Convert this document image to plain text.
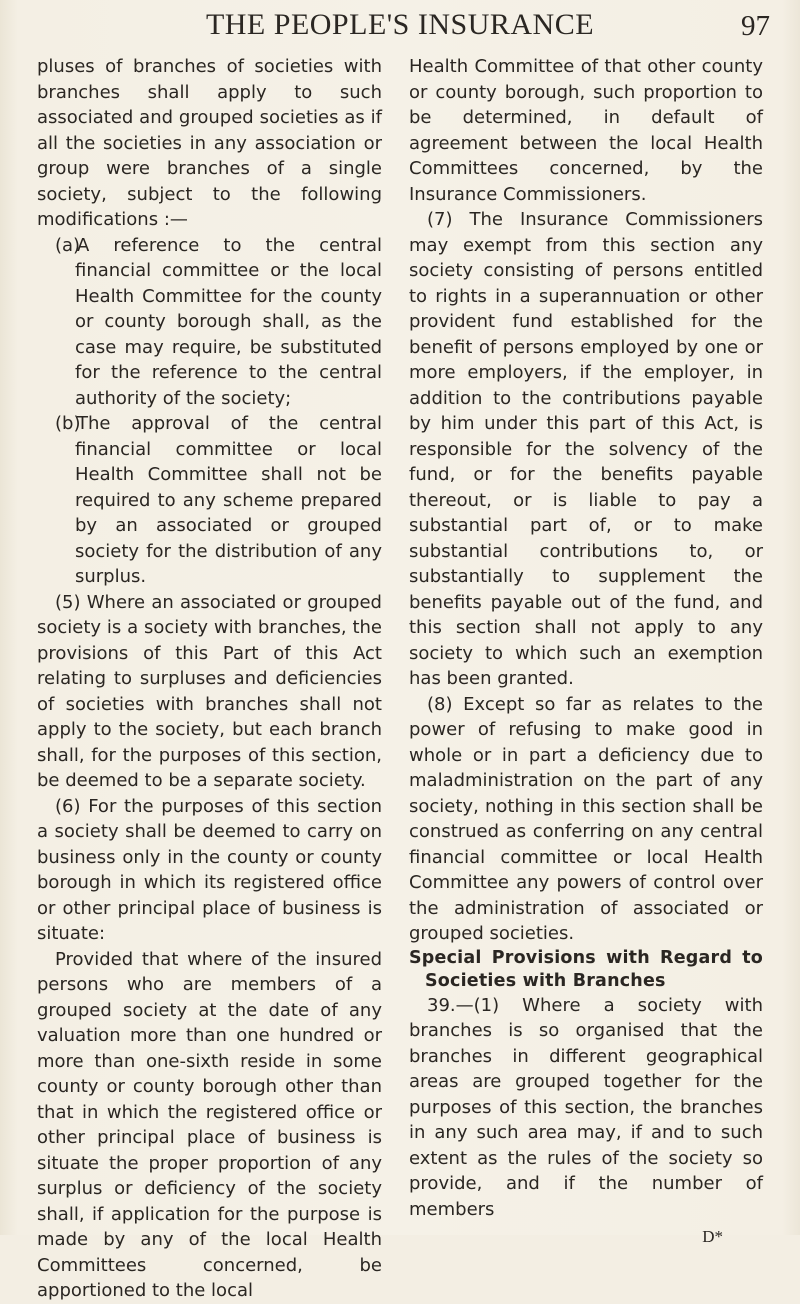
THE PEOPLE'S INSURANCE	97

pluses of branches of societies with branches shall apply to such associated and grouped societies as if all the societies in any association or group were branches of a single society, subject to the following modifications :—

(a)A reference to the central financial committee or the local Health Committee for the county or county borough shall, as the case may require, be substituted for the reference to the central authority of the society;

(b)The approval of the central financial committee or local Health Committee shall not be required to any scheme prepared by an associated or grouped society for the distribution of any surplus.

(5) Where an associated or grouped society is a society with branches, the provisions of this Part of this Act relating to surpluses and deficiencies of societies with branches shall not apply to the society, but each branch shall, for the purposes of this section, be deemed to be a separate society.

(6) For the purposes of this section a society shall be deemed to carry on business only in the county or county borough in which its registered office or other principal place of business is situate:

Provided that where of the insured persons who are members of a grouped society at the date of any valuation more than one hundred or more than one-sixth reside in some county or county borough other than that in which the registered office or other principal place of business is situate the proper proportion of any surplus or deficiency of the society shall, if application for the purpose is made by any of the local Health Committees concerned, be apportioned to the local

Health Committee of that other county or county borough, such proportion to be determined, in default of agreement between the local Health Committees concerned, by the Insurance Commissioners.

(7) The Insurance Commissioners may exempt from this section any society consisting of persons entitled to rights in a superannuation or other provident fund established for the benefit of persons employed by one or more employers, if the employer, in addition to the contributions payable by him under this part of this Act, is responsible for the solvency of the fund, or for the benefits payable thereout, or is liable to pay a substantial part of, or to make substantial contributions to, or substantially to supplement the benefits payable out of the fund, and this section shall not apply to any society to which such an exemption has been granted.

(8) Except so far as relates to the power of refusing to make good in whole or in part a deficiency due to maladministration on the part of any society, nothing in this section shall be construed as conferring on any central financial committee or local Health Committee any powers of control over the administration of associated or grouped societies.

Special Provisions with Regard to Societies with Branches

39.—(1) Where a society with branches is so organised that the branches in different geographical areas are grouped together for the purposes of this section, the branches in any such area may, if and to such extent as the rules of the society so provide, and if the number of members

D*
